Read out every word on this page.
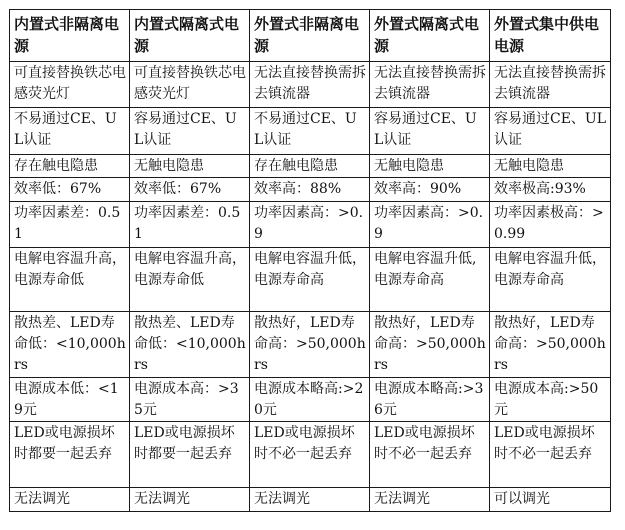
内置式非隔离电源	内置式隔离式电源	外置式非隔离电源	外置式隔离式电源	外置式集中供电电源
可直接替换铁芯电感荧光灯	可直接替换铁芯电感荧光灯	无法直接替换需拆去镇流器	无法直接替换需拆去镇流器	无法直接替换需拆去镇流器
不易通过CE、UL认证	容易通过CE、UL认证	不易通过CE、UL认证	容易通过CE、UL认证	容易通过CE、UL认证
存在触电隐患	无触电隐患	存在触电隐患	无触电隐患	无触电隐患
效率低：67%	效率低：67%	效率高：88%	效率高：90%	效率极高:93%
功率因素差：0.51	功率因素差：0.51	功率因素高：>0.9	功率因素高：>0.9	功率因素极高：>0.99
电解电容温升高，电源寿命低	电解电容温升高，电源寿命低	电解电容温升低，电源寿命高	电解电容温升低,电源寿命高	电解电容温升低，电源寿命高
散热差、LED寿命低：<10,000hrs	散热差、LED寿命低：<10,000hrs	散热好，LED寿命高：>50,000hrs	散热好，LED寿命高：>50,000hrs	散热好，LED寿命高：>50,000hrs
电源成本低：<19元	电源成本高：>35元	电源成本略高:>20元	电源成本略高:>36元	电源成本高:>50元
LED或电源损坏时都要一起丢弃	LED或电源损坏时都要一起丢弃	LED或电源损坏时不必一起丢弃	LED或电源损坏时不必一起丢弃	LED或电源损坏时不必一起丢弃
无法调光	无法调光	无法调光	无法调光	可以调光
